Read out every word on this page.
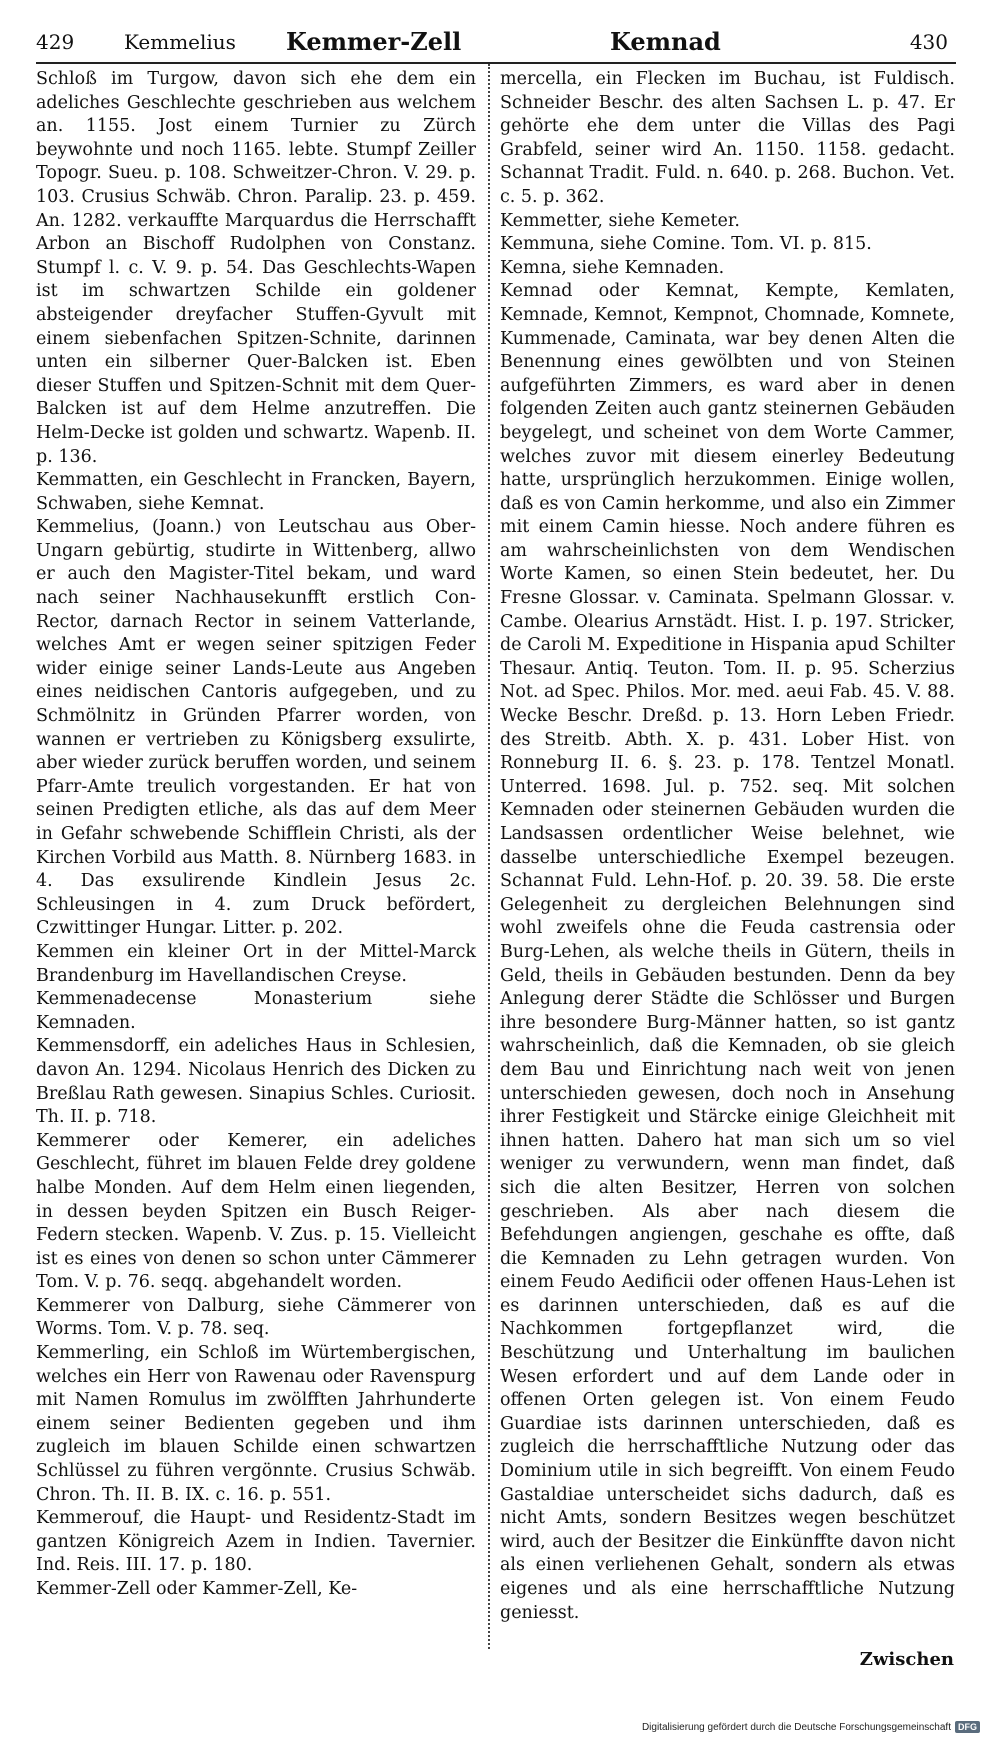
429 Kemmelius Kemmer-Zell	Kemnad	430

Schloß im Turgow, davon sich ehe dem ein adeliches Geschlechte geschrieben aus welchem an. 1155. Jost einem Turnier zu Zürch beywohnte und noch 1165. lebte. Stumpf Zeiller Topogr. Sueu. p. 108. Schweitzer-Chron. V. 29. p. 103. Crusius Schwäb. Chron. Paralip. 23. p. 459. An. 1282. verkauffte Marquardus die Herrschafft Arbon an Bischoff Rudolphen von Constanz. Stumpf l. c. V. 9. p. 54. Das Geschlechts-Wapen ist im schwartzen Schilde ein goldener absteigender dreyfacher Stuffen-Gyvult mit einem siebenfachen Spitzen-Schnite, darinnen unten ein silberner Quer-Balcken ist. Eben dieser Stuffen und Spitzen-Schnit mit dem Quer-Balcken ist auf dem Helme anzutreffen. Die Helm-Decke ist golden und schwartz. Wapenb. II. p. 136.

Kemmatten, ein Geschlecht in Francken, Bayern, Schwaben, siehe Kemnat.

Kemmelius, (Joann.) von Leutschau aus Ober-Ungarn gebürtig, studirte in Wittenberg, allwo er auch den Magister-Titel bekam, und ward nach seiner Nachhausekunfft erstlich Con-Rector, darnach Rector in seinem Vatterlande, welches Amt er wegen seiner spitzigen Feder wider einige seiner Lands-Leute aus Angeben eines neidischen Cantoris aufgegeben, und zu Schmölnitz in Gründen Pfarrer worden, von wannen er vertrieben zu Königsberg exsulirte, aber wieder zurück beruffen worden, und seinem Pfarr-Amte treulich vorgestanden. Er hat von seinen Predigten etliche, als das auf dem Meer in Gefahr schwebende Schifflein Christi, als der Kirchen Vorbild aus Matth. 8. Nürnberg 1683. in 4. Das exsulirende Kindlein Jesus 2c. Schleusingen in 4. zum Druck befördert, Czwittinger Hungar. Litter. p. 202.

Kemmen ein kleiner Ort in der Mittel-Marck Brandenburg im Havellandischen Creyse.

Kemmenadecense Monasterium siehe Kemnaden.

Kemmensdorff, ein adeliches Haus in Schlesien, davon An. 1294. Nicolaus Henrich des Dicken zu Breßlau Rath gewesen. Sinapius Schles. Curiosit. Th. II. p. 718.

Kemmerer oder Kemerer, ein adeliches Geschlecht, führet im blauen Felde drey goldene halbe Monden. Auf dem Helm einen liegenden, in dessen beyden Spitzen ein Busch Reiger-Federn stecken. Wapenb. V. Zus. p. 15. Vielleicht ist es eines von denen so schon unter Cämmerer Tom. V. p. 76. seqq. abgehandelt worden.

Kemmerer von Dalburg, siehe Cämmerer von Worms. Tom. V. p. 78. seq.

Kemmerling, ein Schloß im Würtembergischen, welches ein Herr von Rawenau oder Ravenspurg mit Namen Romulus im zwölfften Jahrhunderte einem seiner Bedienten gegeben und ihm zugleich im blauen Schilde einen schwartzen Schlüssel zu führen vergönnte. Crusius Schwäb. Chron. Th. II. B. IX. c. 16. p. 551.

Kemmerouf, die Haupt- und Residentz-Stadt im gantzen Königreich Azem in Indien. Tavernier. Ind. Reis. III. 17. p. 180.

Kemmer-Zell oder Kammer-Zell, Ke-

mercella, ein Flecken im Buchau, ist Fuldisch. Schneider Beschr. des alten Sachsen L. p. 47. Er gehörte ehe dem unter die Villas des Pagi Grabfeld, seiner wird An. 1150. 1158. gedacht. Schannat Tradit. Fuld. n. 640. p. 268. Buchon. Vet. c. 5. p. 362.

Kemmetter, siehe Kemeter.

Kemmuna, siehe Comine. Tom. VI. p. 815.

Kemna, siehe Kemnaden.

Kemnad oder Kemnat, Kempte, Kemlaten, Kemnade, Kemnot, Kempnot, Chomnade, Komnete, Kummenade, Caminata, war bey denen Alten die Benennung eines gewölbten und von Steinen aufgeführten Zimmers, es ward aber in denen folgenden Zeiten auch gantz steinernen Gebäuden beygelegt, und scheinet von dem Worte Cammer, welches zuvor mit diesem einerley Bedeutung hatte, ursprünglich herzukommen. Einige wollen, daß es von Camin herkomme, und also ein Zimmer mit einem Camin hiesse. Noch andere führen es am wahrscheinlichsten von dem Wendischen Worte Kamen, so einen Stein bedeutet, her. Du Fresne Glossar. v. Caminata. Spelmann Glossar. v. Cambe. Olearius Arnstädt. Hist. I. p. 197. Stricker, de Caroli M. Expeditione in Hispania apud Schilter Thesaur. Antiq. Teuton. Tom. II. p. 95. Scherzius Not. ad Spec. Philos. Mor. med. aeui Fab. 45. V. 88. Wecke Beschr. Dreßd. p. 13. Horn Leben Friedr. des Streitb. Abth. X. p. 431. Lober Hist. von Ronneburg II. 6. §. 23. p. 178. Tentzel Monatl. Unterred. 1698. Jul. p. 752. seq. Mit solchen Kemnaden oder steinernen Gebäuden wurden die Landsassen ordentlicher Weise belehnet, wie dasselbe unterschiedliche Exempel bezeugen. Schannat Fuld. Lehn-Hof. p. 20. 39. 58. Die erste Gelegenheit zu dergleichen Belehnungen sind wohl zweifels ohne die Feuda castrensia oder Burg-Lehen, als welche theils in Gütern, theils in Geld, theils in Gebäuden bestunden. Denn da bey Anlegung derer Städte die Schlösser und Burgen ihre besondere Burg-Männer hatten, so ist gantz wahrscheinlich, daß die Kemnaden, ob sie gleich dem Bau und Einrichtung nach weit von jenen unterschieden gewesen, doch noch in Ansehung ihrer Festigkeit und Stärcke einige Gleichheit mit ihnen hatten. Dahero hat man sich um so viel weniger zu verwundern, wenn man findet, daß sich die alten Besitzer, Herren von solchen geschrieben. Als aber nach diesem die Befehdungen angiengen, geschahe es offte, daß die Kemnaden zu Lehn getragen wurden. Von einem Feudo Aedificii oder offenen Haus-Lehen ist es darinnen unterschieden, daß es auf die Nachkommen fortgepflanzet wird, die Beschützung und Unterhaltung im baulichen Wesen erfordert und auf dem Lande oder in offenen Orten gelegen ist. Von einem Feudo Guardiae ists darinnen unterschieden, daß es zugleich die herrschafftliche Nutzung oder das Dominium utile in sich begreifft. Von einem Feudo Gastaldiae unterscheidet sichs dadurch, daß es nicht Amts, sondern Besitzes wegen beschützet wird, auch der Besitzer die Einkünffte davon nicht als einen verliehenen Gehalt, sondern als etwas eigenes und als eine herrschafftliche Nutzung geniesst.

Zwischen
Digitalisierung gefördert durch die Deutsche Forschungsgemeinschaft DFG
